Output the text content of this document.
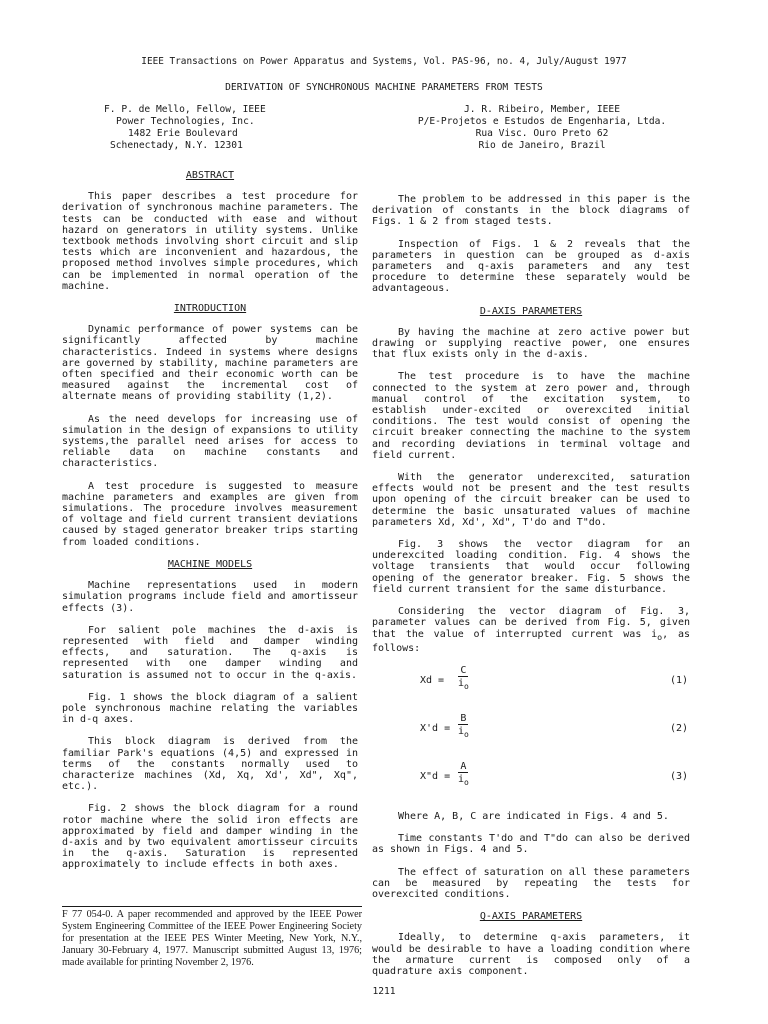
IEEE Transactions on Power Apparatus and Systems, Vol. PAS-96, no. 4, July/August 1977
DERIVATION OF SYNCHRONOUS MACHINE PARAMETERS FROM TESTS
F. P. de Mello, Fellow, IEEE
Power Technologies, Inc.
1482 Erie Boulevard
Schenectady, N.Y. 12301
J. R. Ribeiro, Member, IEEE
P/E-Projetos e Estudos de Engenharia, Ltda.
Rua Visc. Ouro Preto 62
Rio de Janeiro, Brazil
ABSTRACT

This paper describes a test procedure for derivation of synchronous machine parameters. The tests can be conducted with ease and without hazard on generators in utility systems. Unlike textbook methods involving short circuit and slip tests which are inconvenient and hazardous, the proposed method involves simple procedures, which can be implemented in normal operation of the machine.

INTRODUCTION

Dynamic performance of power systems can be significantly affected by machine characteristics. Indeed in systems where designs are governed by stability, machine parameters are often specified and their economic worth can be measured against the incremental cost of alternate means of providing stability (1,2).

As the need develops for increasing use of simulation in the design of expansions to utility systems,the parallel need arises for access to reliable data on machine constants and characteristics.

A test procedure is suggested to measure machine parameters and examples are given from simulations. The procedure involves measurement of voltage and field current transient deviations caused by staged generator breaker trips starting from loaded conditions.

MACHINE MODELS

Machine representations used in modern simulation programs include field and amortisseur effects (3).

For salient pole machines the d-axis is represented with field and damper winding effects, and saturation. The q-axis is represented with one damper winding and saturation is assumed not to occur in the q-axis.

Fig. 1 shows the block diagram of a salient pole synchronous machine relating the variables in d-q axes.

This block diagram is derived from the familiar Park's equations (4,5) and expressed in terms of the constants normally used to characterize machines (Xd, Xq, Xd', Xd", Xq", etc.).

Fig. 2 shows the block diagram for a round rotor machine where the solid iron effects are approximated by field and damper winding in the d-axis and by two equivalent amortisseur circuits in the q-axis. Saturation is represented approximately to include effects in both axes.

The problem to be addressed in this paper is the derivation of constants in the block diagrams of Figs. 1 & 2 from staged tests.

Inspection of Figs. 1 & 2 reveals that the parameters in question can be grouped as d-axis parameters and q-axis parameters and any test procedure to determine these separately would be advantageous.

D-AXIS PARAMETERS

By having the machine at zero active power but drawing or supplying reactive power, one ensures that flux exists only in the d-axis.

The test procedure is to have the machine connected to the system at zero power and, through manual control of the excitation system, to establish under-excited or overexcited initial conditions. The test would consist of opening the circuit breaker connecting the machine to the system and recording deviations in terminal voltage and field current.

With the generator underexcited, saturation effects would not be present and the test results upon opening of the circuit breaker can be used to determine the basic unsaturated values of machine parameters Xd, Xd', Xd", T'do and T"do.

Fig. 3 shows the vector diagram for an underexcited loading condition. Fig. 4 shows the voltage transients that would occur following opening of the generator breaker. Fig. 5 shows the field current transient for the same disturbance.

Considering the vector diagram of Fig. 3, parameter values can be derived from Fig. 5, given that the value of interrupted current was $i_o$, as follows:

$Xd = \frac{C}{i_o}$	(1)
$X'd = \frac{B}{i_o}$	(2)
X"d = $\frac{A}{i_o}$	(3)

Where A, B, C are indicated in Figs. 4 and 5.

Time constants T'do and T"do can also be derived as shown in Figs. 4 and 5.

The effect of saturation on all these parameters can be measured by repeating the tests for overexcited conditions.

Q-AXIS PARAMETERS

Ideally, to determine q-axis parameters, it would be desirable to have a loading condition where the armature current is composed only of a quadrature axis component.

F 77 054-0. A paper recommended and approved by the IEEE Power System Engineering Committee of the IEEE Power Engineering Society for presentation at the IEEE PES Winter Meeting, New York, N.Y., January 30-February 4, 1977. Manuscript submitted August 13, 1976; made available for printing November 2, 1976.
1211
